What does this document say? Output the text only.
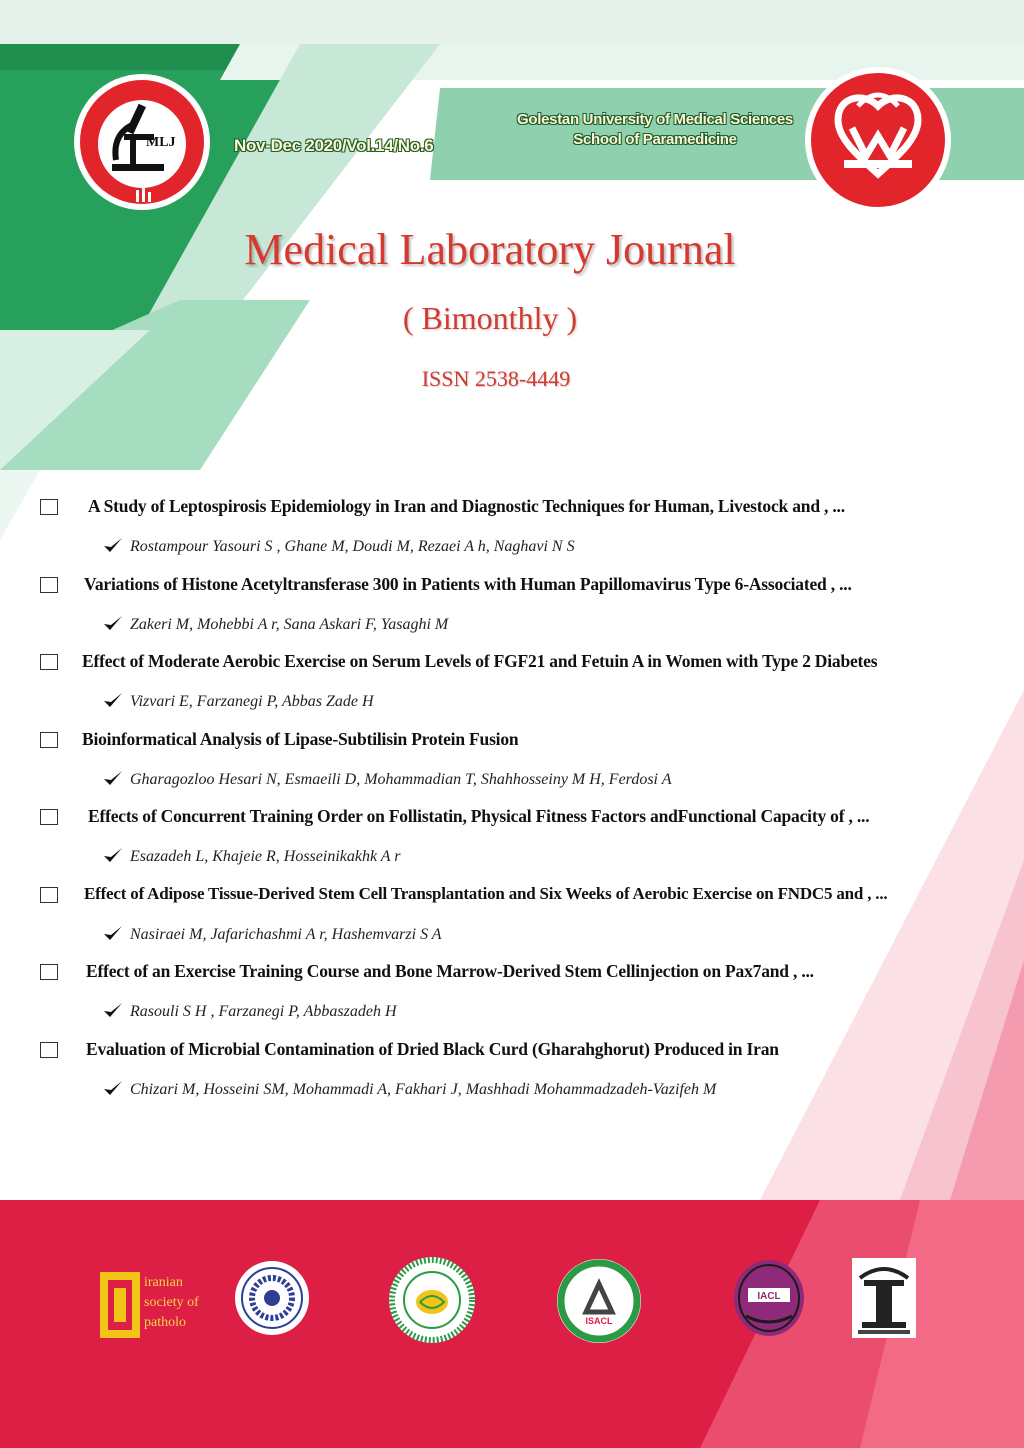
MLJ	Nov-Dec 2020/Vol.14/No.6
Golestan University of Medical Sciences
School of Paramedicine
Medical Laboratory Journal
( Bimonthly )
ISSN 2538-4449
A Study of Leptospirosis Epidemiology in Iran and Diagnostic Techniques for Human, Livestock and , ...
Rostampour Yasouri S , Ghane M, Doudi M, Rezaei A h, Naghavi N S
Variations of Histone Acetyltransferase 300 in Patients with Human Papillomavirus Type 6-Associated , ...
Zakeri M, Mohebbi A r, Sana Askari F, Yasaghi M
Effect of Moderate Aerobic Exercise on Serum Levels of FGF21 and Fetuin A in Women with Type 2 Diabetes
Vizvari E, Farzanegi P, Abbas Zade H
Bioinformatical Analysis of Lipase-Subtilisin Protein Fusion
Gharagozloo Hesari N, Esmaeili D, Mohammadian T, Shahhosseiny M H, Ferdosi A
Effects of Concurrent Training Order on Follistatin, Physical Fitness Factors andFunctional Capacity of , ...
Esazadeh L, Khajeie R, Hosseinikakhk A r
Effect of Adipose Tissue-Derived Stem Cell Transplantation and Six Weeks of Aerobic Exercise on FNDC5 and , ...
Nasiraei M, Jafarichashmi A r, Hashemvarzi S A
Effect of an Exercise Training Course and Bone Marrow-Derived Stem Cellinjection on Pax7and , ...
Rasouli S H , Farzanegi P, Abbaszadeh H
Evaluation of Microbial Contamination of Dried Black Curd (Gharahghorut) Produced in Iran
Chizari M, Hosseini SM, Mohammadi A, Fakhari J, Mashhadi Mohammadzadeh-Vazifeh M
iranian
society of
patholo	ISACL
IACL
